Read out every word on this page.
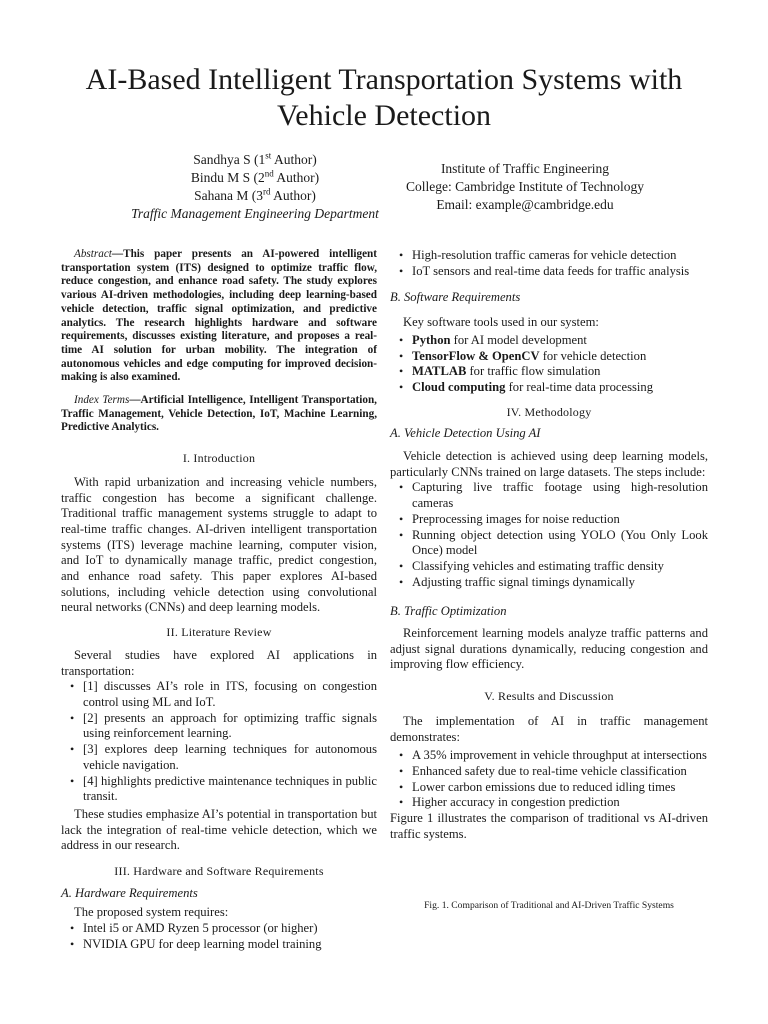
AI-Based Intelligent Transportation Systems with Vehicle Detection
Sandhya S (1st Author)
Bindu M S (2nd Author)
Sahana M (3rd Author)
Traffic Management Engineering Department
Institute of Traffic Engineering
College: Cambridge Institute of Technology
Email: example@cambridge.edu

Abstract—This paper presents an AI-powered intelligent transportation system (ITS) designed to optimize traffic flow, reduce congestion, and enhance road safety. The study explores various AI-driven methodologies, including deep learning-based vehicle detection, traffic signal optimization, and predictive analytics. The research highlights hardware and software requirements, discusses existing literature, and proposes a real-time AI solution for urban mobility. The integration of autonomous vehicles and edge computing for improved decision-making is also examined.

Index Terms—Artificial Intelligence, Intelligent Transportation, Traffic Management, Vehicle Detection, IoT, Machine Learning, Predictive Analytics.

I. Introduction

With rapid urbanization and increasing vehicle numbers, traffic congestion has become a significant challenge. Traditional traffic management systems struggle to adapt to real-time traffic changes. AI-driven intelligent transportation systems (ITS) leverage machine learning, computer vision, and IoT to dynamically manage traffic, predict congestion, and enhance road safety. This paper explores AI-based solutions, including vehicle detection using convolutional neural networks (CNNs) and deep learning models.

II. Literature Review

Several studies have explored AI applications in transportation:

• [1] discusses AI’s role in ITS, focusing on congestion control using ML and IoT.
• [2] presents an approach for optimizing traffic signals using reinforcement learning.
• [3] explores deep learning techniques for autonomous vehicle navigation.
• [4] highlights predictive maintenance techniques in public transit.

These studies emphasize AI’s potential in transportation but lack the integration of real-time vehicle detection, which we address in our research.

III. Hardware and Software Requirements
A. Hardware Requirements

The proposed system requires:

• Intel i5 or AMD Ryzen 5 processor (or higher)
• NVIDIA GPU for deep learning model training
• High-resolution traffic cameras for vehicle detection
• IoT sensors and real-time data feeds for traffic analysis
B. Software Requirements

Key software tools used in our system:

• Python for AI model development
• TensorFlow & OpenCV for vehicle detection
• MATLAB for traffic flow simulation
• Cloud computing for real-time data processing
IV. Methodology
A. Vehicle Detection Using AI

Vehicle detection is achieved using deep learning models, particularly CNNs trained on large datasets. The steps include:

• Capturing live traffic footage using high-resolution cameras
• Preprocessing images for noise reduction
• Running object detection using YOLO (You Only Look Once) model
• Classifying vehicles and estimating traffic density
• Adjusting traffic signal timings dynamically
B. Traffic Optimization

Reinforcement learning models analyze traffic patterns and adjust signal durations dynamically, reducing congestion and improving flow efficiency.

V. Results and Discussion

The implementation of AI in traffic management demonstrates:

• A 35% improvement in vehicle throughput at intersections
• Enhanced safety due to real-time vehicle classification
• Lower carbon emissions due to reduced idling times
• Higher accuracy in congestion prediction

Figure 1 illustrates the comparison of traditional vs AI-driven traffic systems.

Fig. 1. Comparison of Traditional and AI-Driven Traffic Systems
